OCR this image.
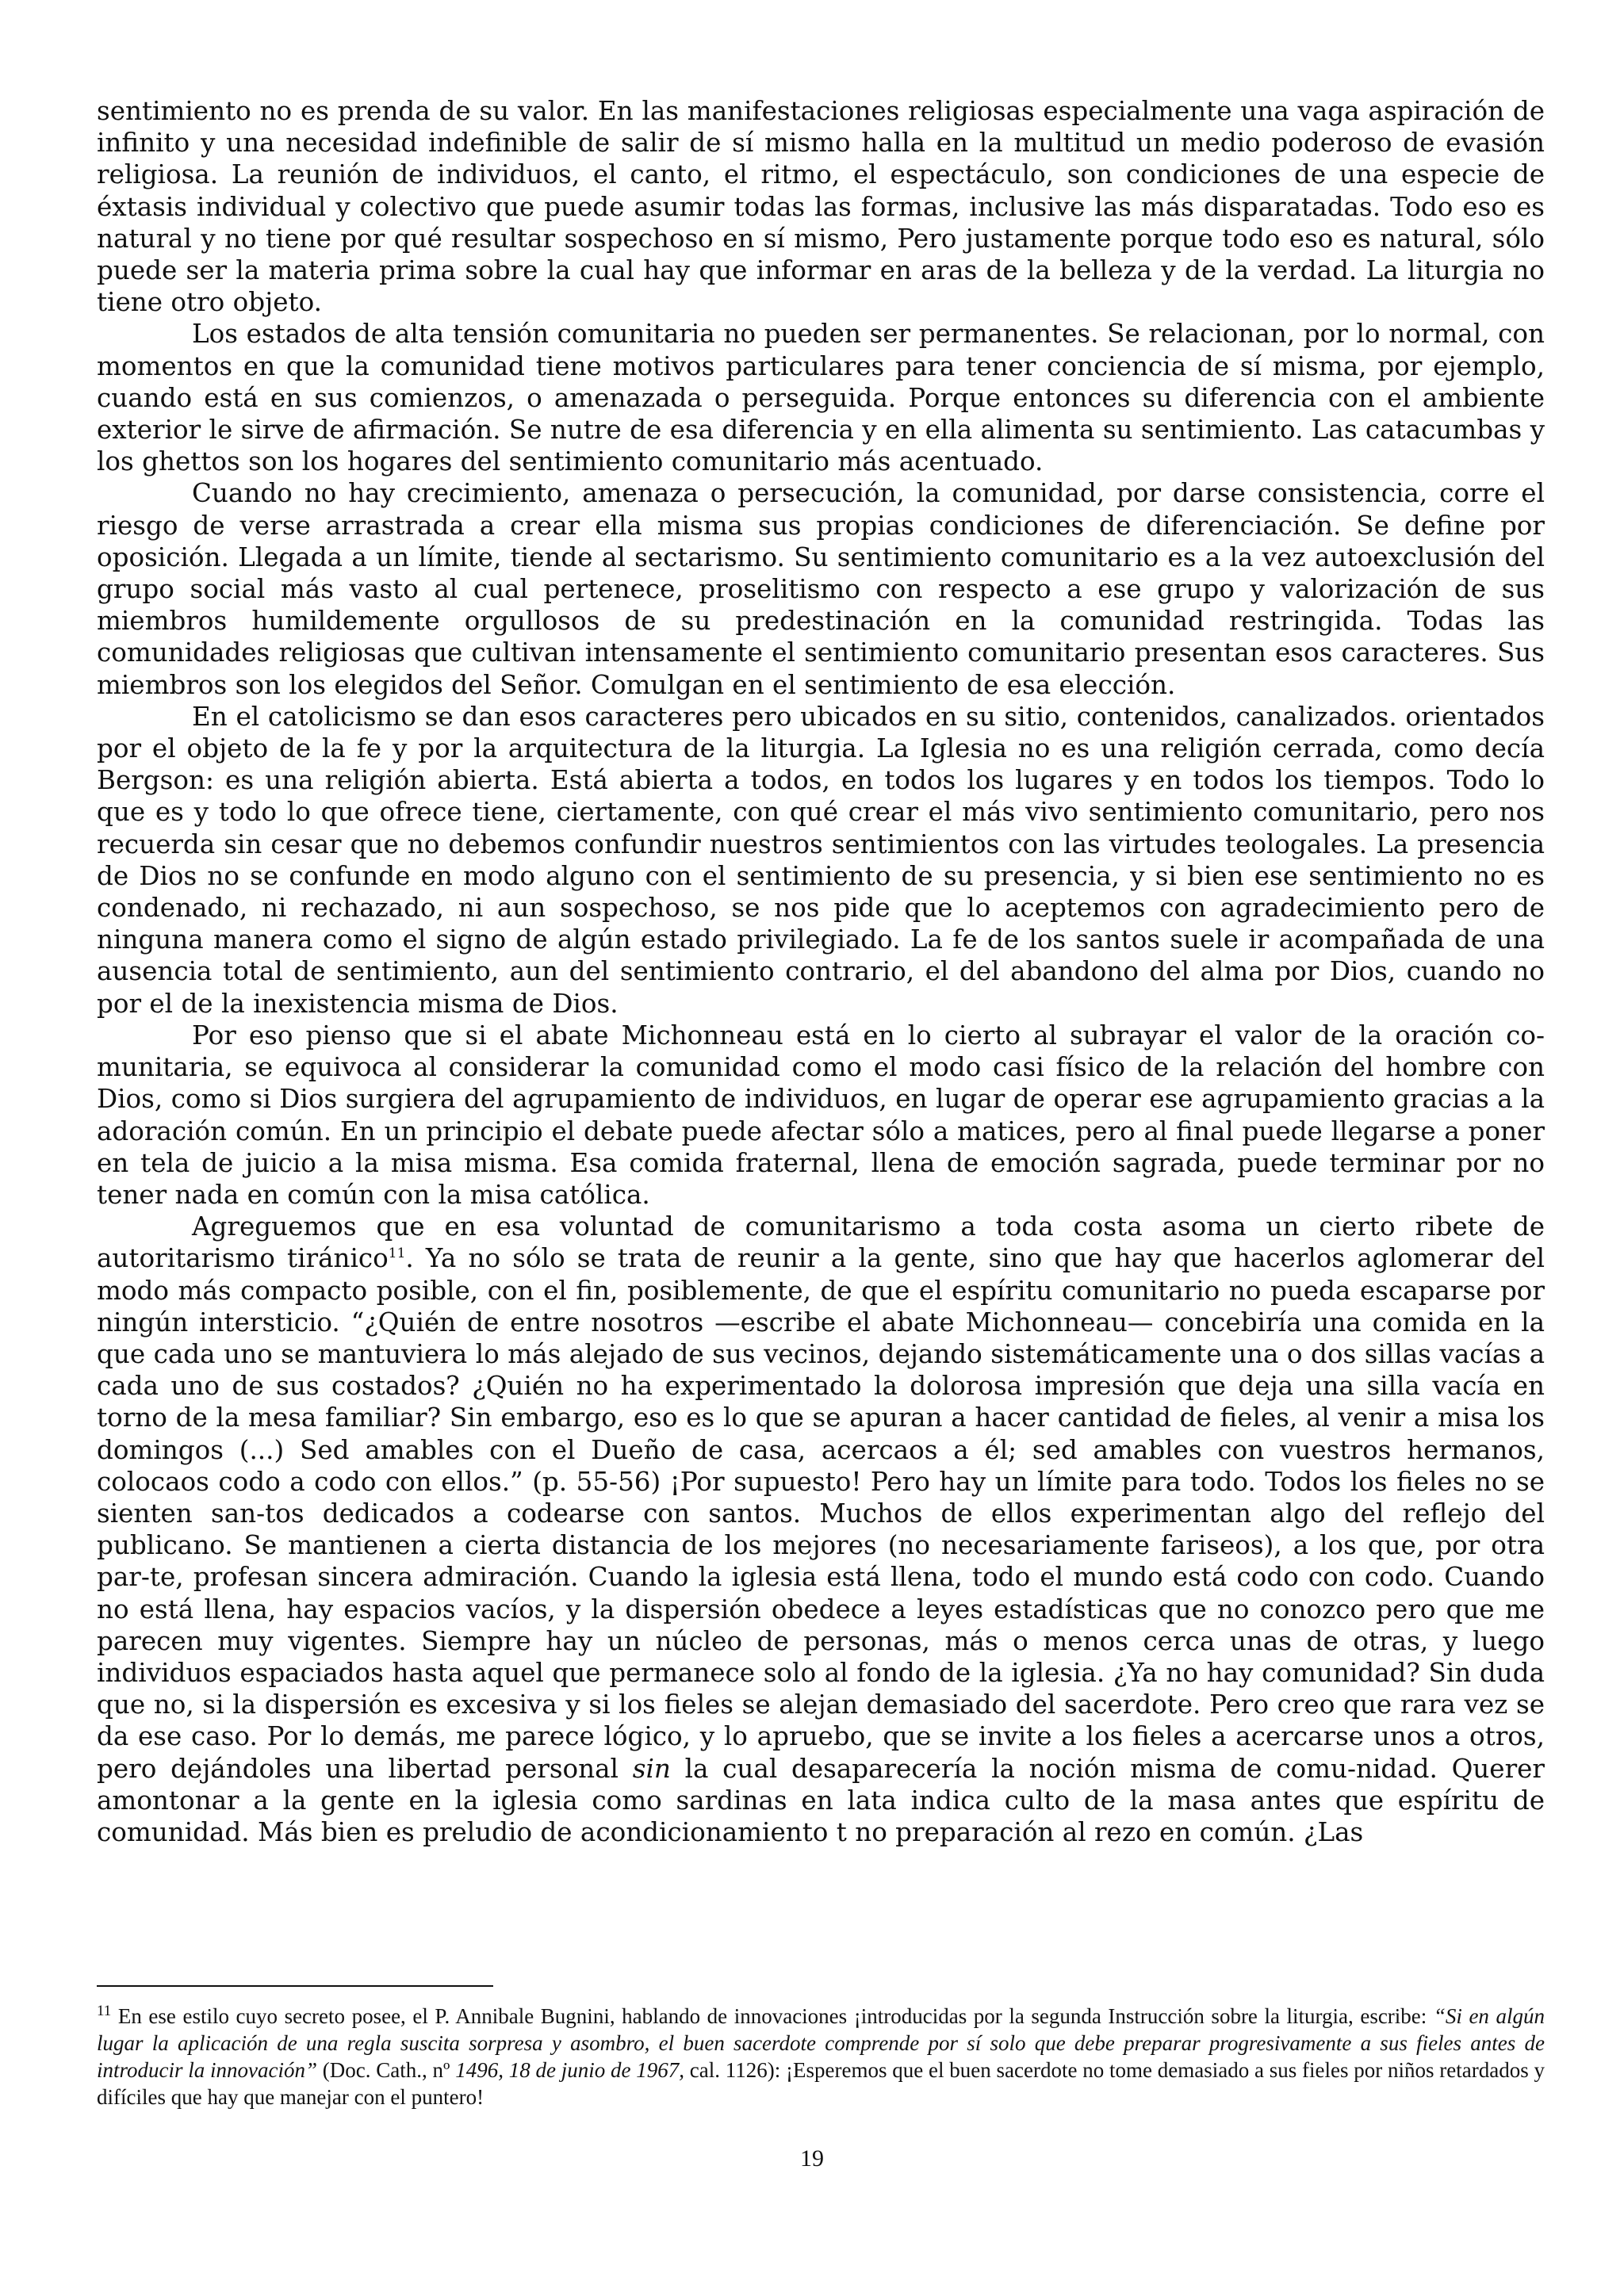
sentimiento no es prenda de su valor. En las manifestaciones religiosas especialmente una vaga aspiración de infinito y una necesidad indefinible de salir de sí mismo halla en la multitud un medio poderoso de evasión religiosa. La reunión de individuos, el canto, el ritmo, el espectáculo, son condiciones de una especie de éxtasis individual y colectivo que puede asumir todas las formas, inclusive las más disparatadas. Todo eso es natural y no tiene por qué resultar sospechoso en sí mismo, Pero justamente porque todo eso es natural, sólo puede ser la materia prima sobre la cual hay que informar en aras de la belleza y de la verdad. La liturgia no tiene otro objeto.

Los estados de alta tensión comunitaria no pueden ser permanentes. Se relacionan, por lo normal, con momentos en que la comunidad tiene motivos particulares para tener conciencia de sí misma, por ejemplo, cuando está en sus comienzos, o amenazada o perseguida. Porque entonces su diferencia con el ambiente exterior le sirve de afirmación. Se nutre de esa diferencia y en ella alimenta su sentimiento. Las catacumbas y los ghettos son los hogares del sentimiento comunitario más acentuado.

Cuando no hay crecimiento, amenaza o persecución, la comunidad, por darse consistencia, corre el riesgo de verse arrastrada a crear ella misma sus propias condiciones de diferenciación. Se define por oposición. Llegada a un límite, tiende al sectarismo. Su sentimiento comunitario es a la vez autoexclusión del grupo social más vasto al cual pertenece, proselitismo con respecto a ese grupo y valorización de sus miembros humildemente orgullosos de su predestinación en la comunidad restringida. Todas las comunidades religiosas que cultivan intensamente el sentimiento comunitario presentan esos caracteres. Sus miembros son los elegidos del Señor. Comulgan en el sentimiento de esa elección.

En el catolicismo se dan esos caracteres pero ubicados en su sitio, contenidos, canalizados. orientados por el objeto de la fe y por la arquitectura de la liturgia. La Iglesia no es una religión cerrada, como decía Bergson: es una religión abierta. Está abierta a todos, en todos los lugares y en todos los tiempos. Todo lo que es y todo lo que ofrece tiene, ciertamente, con qué crear el más vivo sentimiento comunitario, pero nos recuerda sin cesar que no debemos confundir nuestros sentimientos con las virtudes teologales. La presencia de Dios no se confunde en modo alguno con el sentimiento de su presencia, y si bien ese sentimiento no es condenado, ni rechazado, ni aun sospechoso, se nos pide que lo aceptemos con agradecimiento pero de ninguna manera como el signo de algún estado privilegiado. La fe de los santos suele ir acompañada de una ausencia total de sentimiento, aun del sentimiento contrario, el del abandono del alma por Dios, cuando no por el de la inexistencia misma de Dios.

Por eso pienso que si el abate Michonneau está en lo cierto al subrayar el valor de la oración co-munitaria, se equivoca al considerar la comunidad como el modo casi físico de la relación del hombre con Dios, como si Dios surgiera del agrupamiento de individuos, en lugar de operar ese agrupamiento gracias a la adoración común. En un principio el debate puede afectar sólo a matices, pero al final puede llegarse a poner en tela de juicio a la misa misma. Esa comida fraternal, llena de emoción sagrada, puede terminar por no tener nada en común con la misa católica.

Agreguemos que en esa voluntad de comunitarismo a toda costa asoma un cierto ribete de autoritarismo tiránico$^{11}$. Ya no sólo se trata de reunir a la gente, sino que hay que hacerlos aglomerar del modo más compacto posible, con el fin, posiblemente, de que el espíritu comunitario no pueda escaparse por ningún intersticio. “¿Quién de entre nosotros —escribe el abate Michonneau— concebiría una comida en la que cada uno se mantuviera lo más alejado de sus vecinos, dejando sistemáticamente una o dos sillas vacías a cada uno de sus costados? ¿Quién no ha experimentado la dolorosa impresión que deja una silla vacía en torno de la mesa familiar? Sin embargo, eso es lo que se apuran a hacer cantidad de fieles, al venir a misa los domingos (...) Sed amables con el Dueño de casa, acercaos a él; sed amables con vuestros hermanos, colocaos codo a codo con ellos.” (p. 55-56) ¡Por supuesto! Pero hay un límite para todo. Todos los fieles no se sienten san-tos dedicados a codearse con santos. Muchos de ellos experimentan algo del reflejo del publicano. Se mantienen a cierta distancia de los mejores (no necesariamente fariseos), a los que, por otra par-te, profesan sincera admiración. Cuando la iglesia está llena, todo el mundo está codo con codo. Cuando no está llena, hay espacios vacíos, y la dispersión obedece a leyes estadísticas que no conozco pero que me parecen muy vigentes. Siempre hay un núcleo de personas, más o menos cerca unas de otras, y luego individuos espaciados hasta aquel que permanece solo al fondo de la iglesia. ¿Ya no hay comunidad? Sin duda que no, si la dispersión es excesiva y si los fieles se alejan demasiado del sacerdote. Pero creo que rara vez se da ese caso. Por lo demás, me parece lógico, y lo apruebo, que se invite a los fieles a acercarse unos a otros, pero dejándoles una libertad personal sin la cual desaparecería la noción misma de comu-nidad. Querer amontonar a la gente en la iglesia como sardinas en lata indica culto de la masa antes que espíritu de comunidad. Más bien es preludio de acondicionamiento t no preparación al rezo en común. ¿Las

$^{11}$ En ese estilo cuyo secreto posee, el P. Annibale Bugnini, hablando de innovaciones ¡introducidas por la segunda Instrucción sobre la liturgia, escribe: “Si en algún lugar la aplicación de una regla suscita sorpresa y asombro, el buen sacerdote comprende por sí solo que debe preparar progresivamente a sus fieles antes de introducir la innovación” (Doc. Cath., nº 1496, 18 de junio de 1967, cal. 1126): ¡Esperemos que el buen sacerdote no tome demasiado a sus fieles por niños retardados y difíciles que hay que manejar con el puntero!

19
